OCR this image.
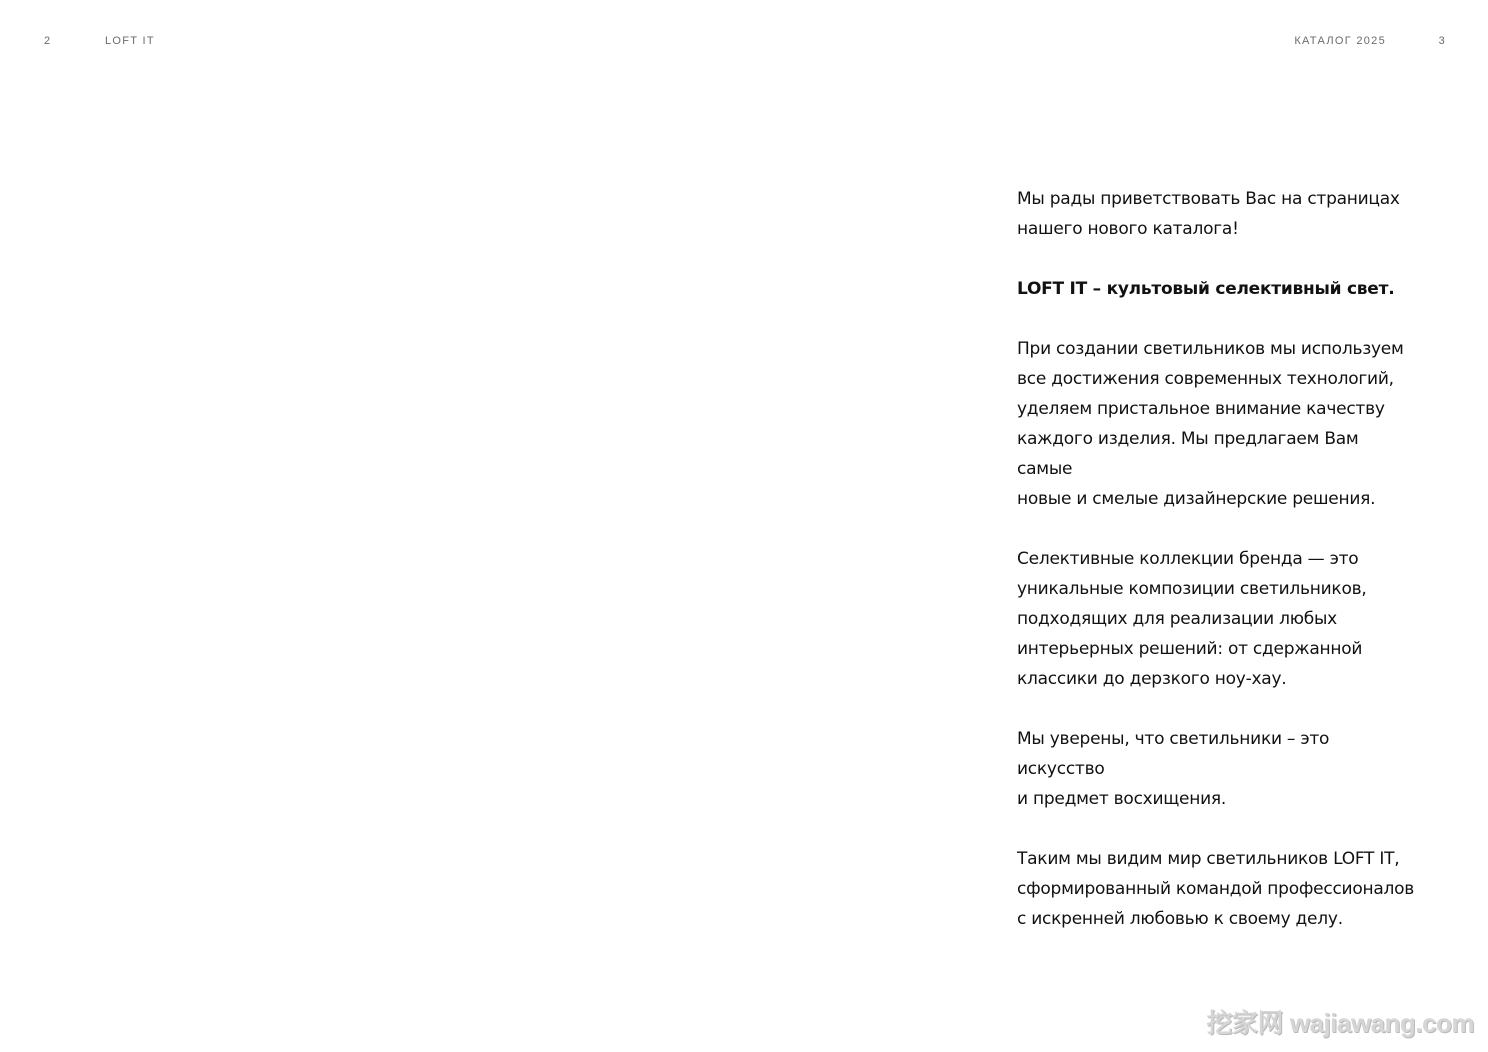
2	LOFT IT	КАТАЛОГ 2025	3

Мы рады приветствовать Вас на страницах
нашего нового каталога!

LOFT IT – культовый селективный свет.

При создании светильников мы используем
все достижения современных технологий,
уделяем пристальное внимание качеству
каждого изделия. Мы предлагаем Вам самые
новые и смелые дизайнерские решения.

Селективные коллекции бренда — это
уникальные композиции светильников,
подходящих для реализации любых
интерьерных решений: от сдержанной
классики до дерзкого ноу-хау.

Мы уверены, что светильники – это искусство
и предмет восхищения.

Таким мы видим мир светильников LOFT IT,
сформированный командой профессионалов
с искренней любовью к своему делу.

挖家网 wajiawang.com
